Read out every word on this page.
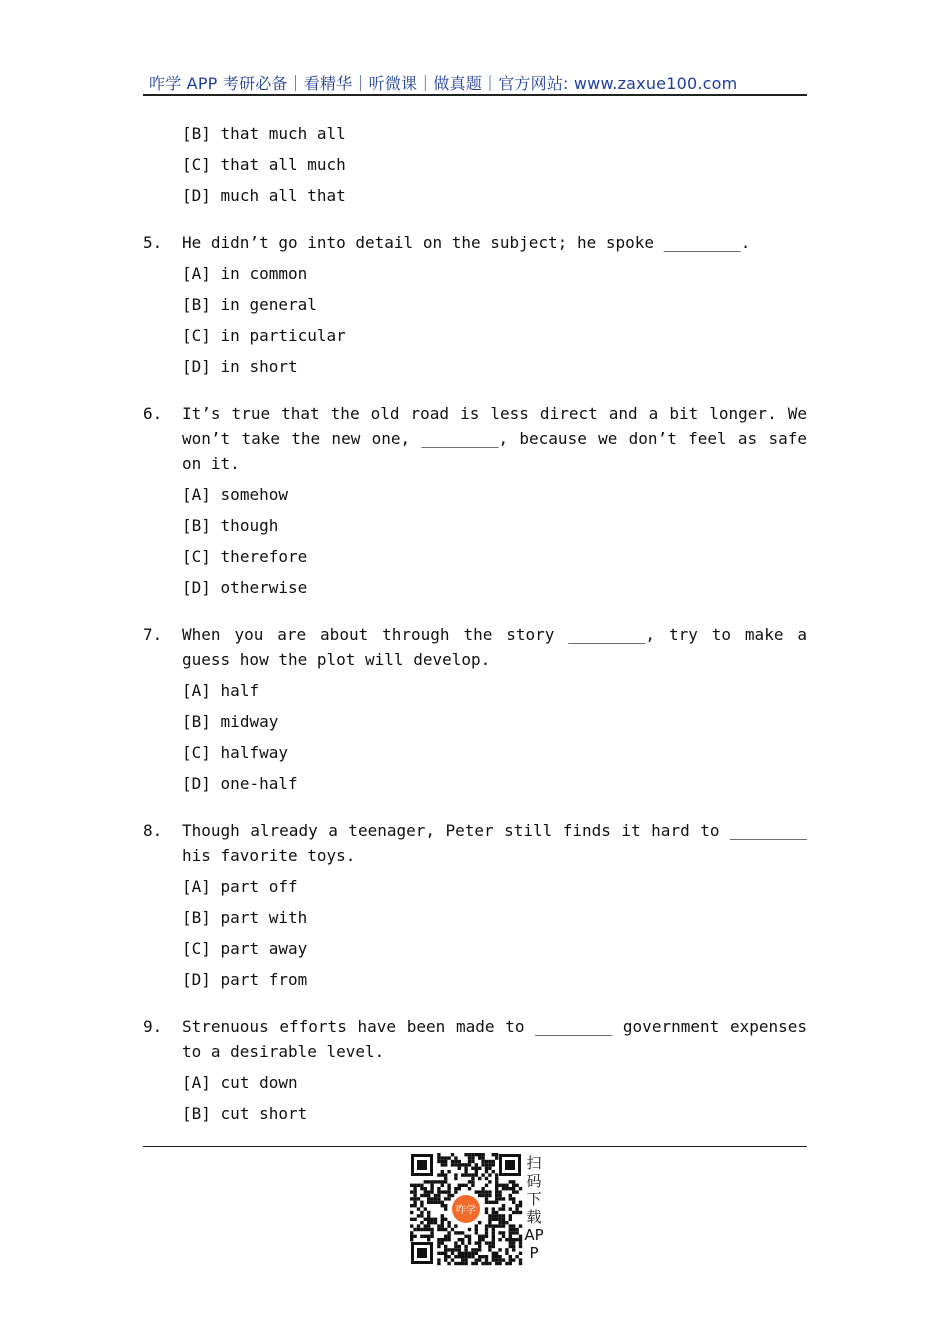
咋学 APP 考研必备｜看精华｜听微课｜做真题｜官方网站: www.zaxue100.com
[B] that much all
[C] that all much
[D] much all that
5. He didn’t go into detail on the subject; he spoke ________.
[A] in common
[B] in general
[C] in particular
[D] in short
6. It’s true that the old road is less direct and a bit longer. We won’t take the new one, ________, because we don’t feel as safe on it.
[A] somehow
[B] though
[C] therefore
[D] otherwise
7. When you are about through the story ________, try to make a guess how the plot will develop.
[A] half
[B] midway
[C] halfway
[D] one-half
8. Though already a teenager, Peter still finds it hard to ________ his favorite toys.
[A] part off
[B] part with
[C] part away
[D] part from
9. Strenuous efforts have been made to ________ government expenses to a desirable level.
[A] cut down
[B] cut short
咋学
扫码下载APP
